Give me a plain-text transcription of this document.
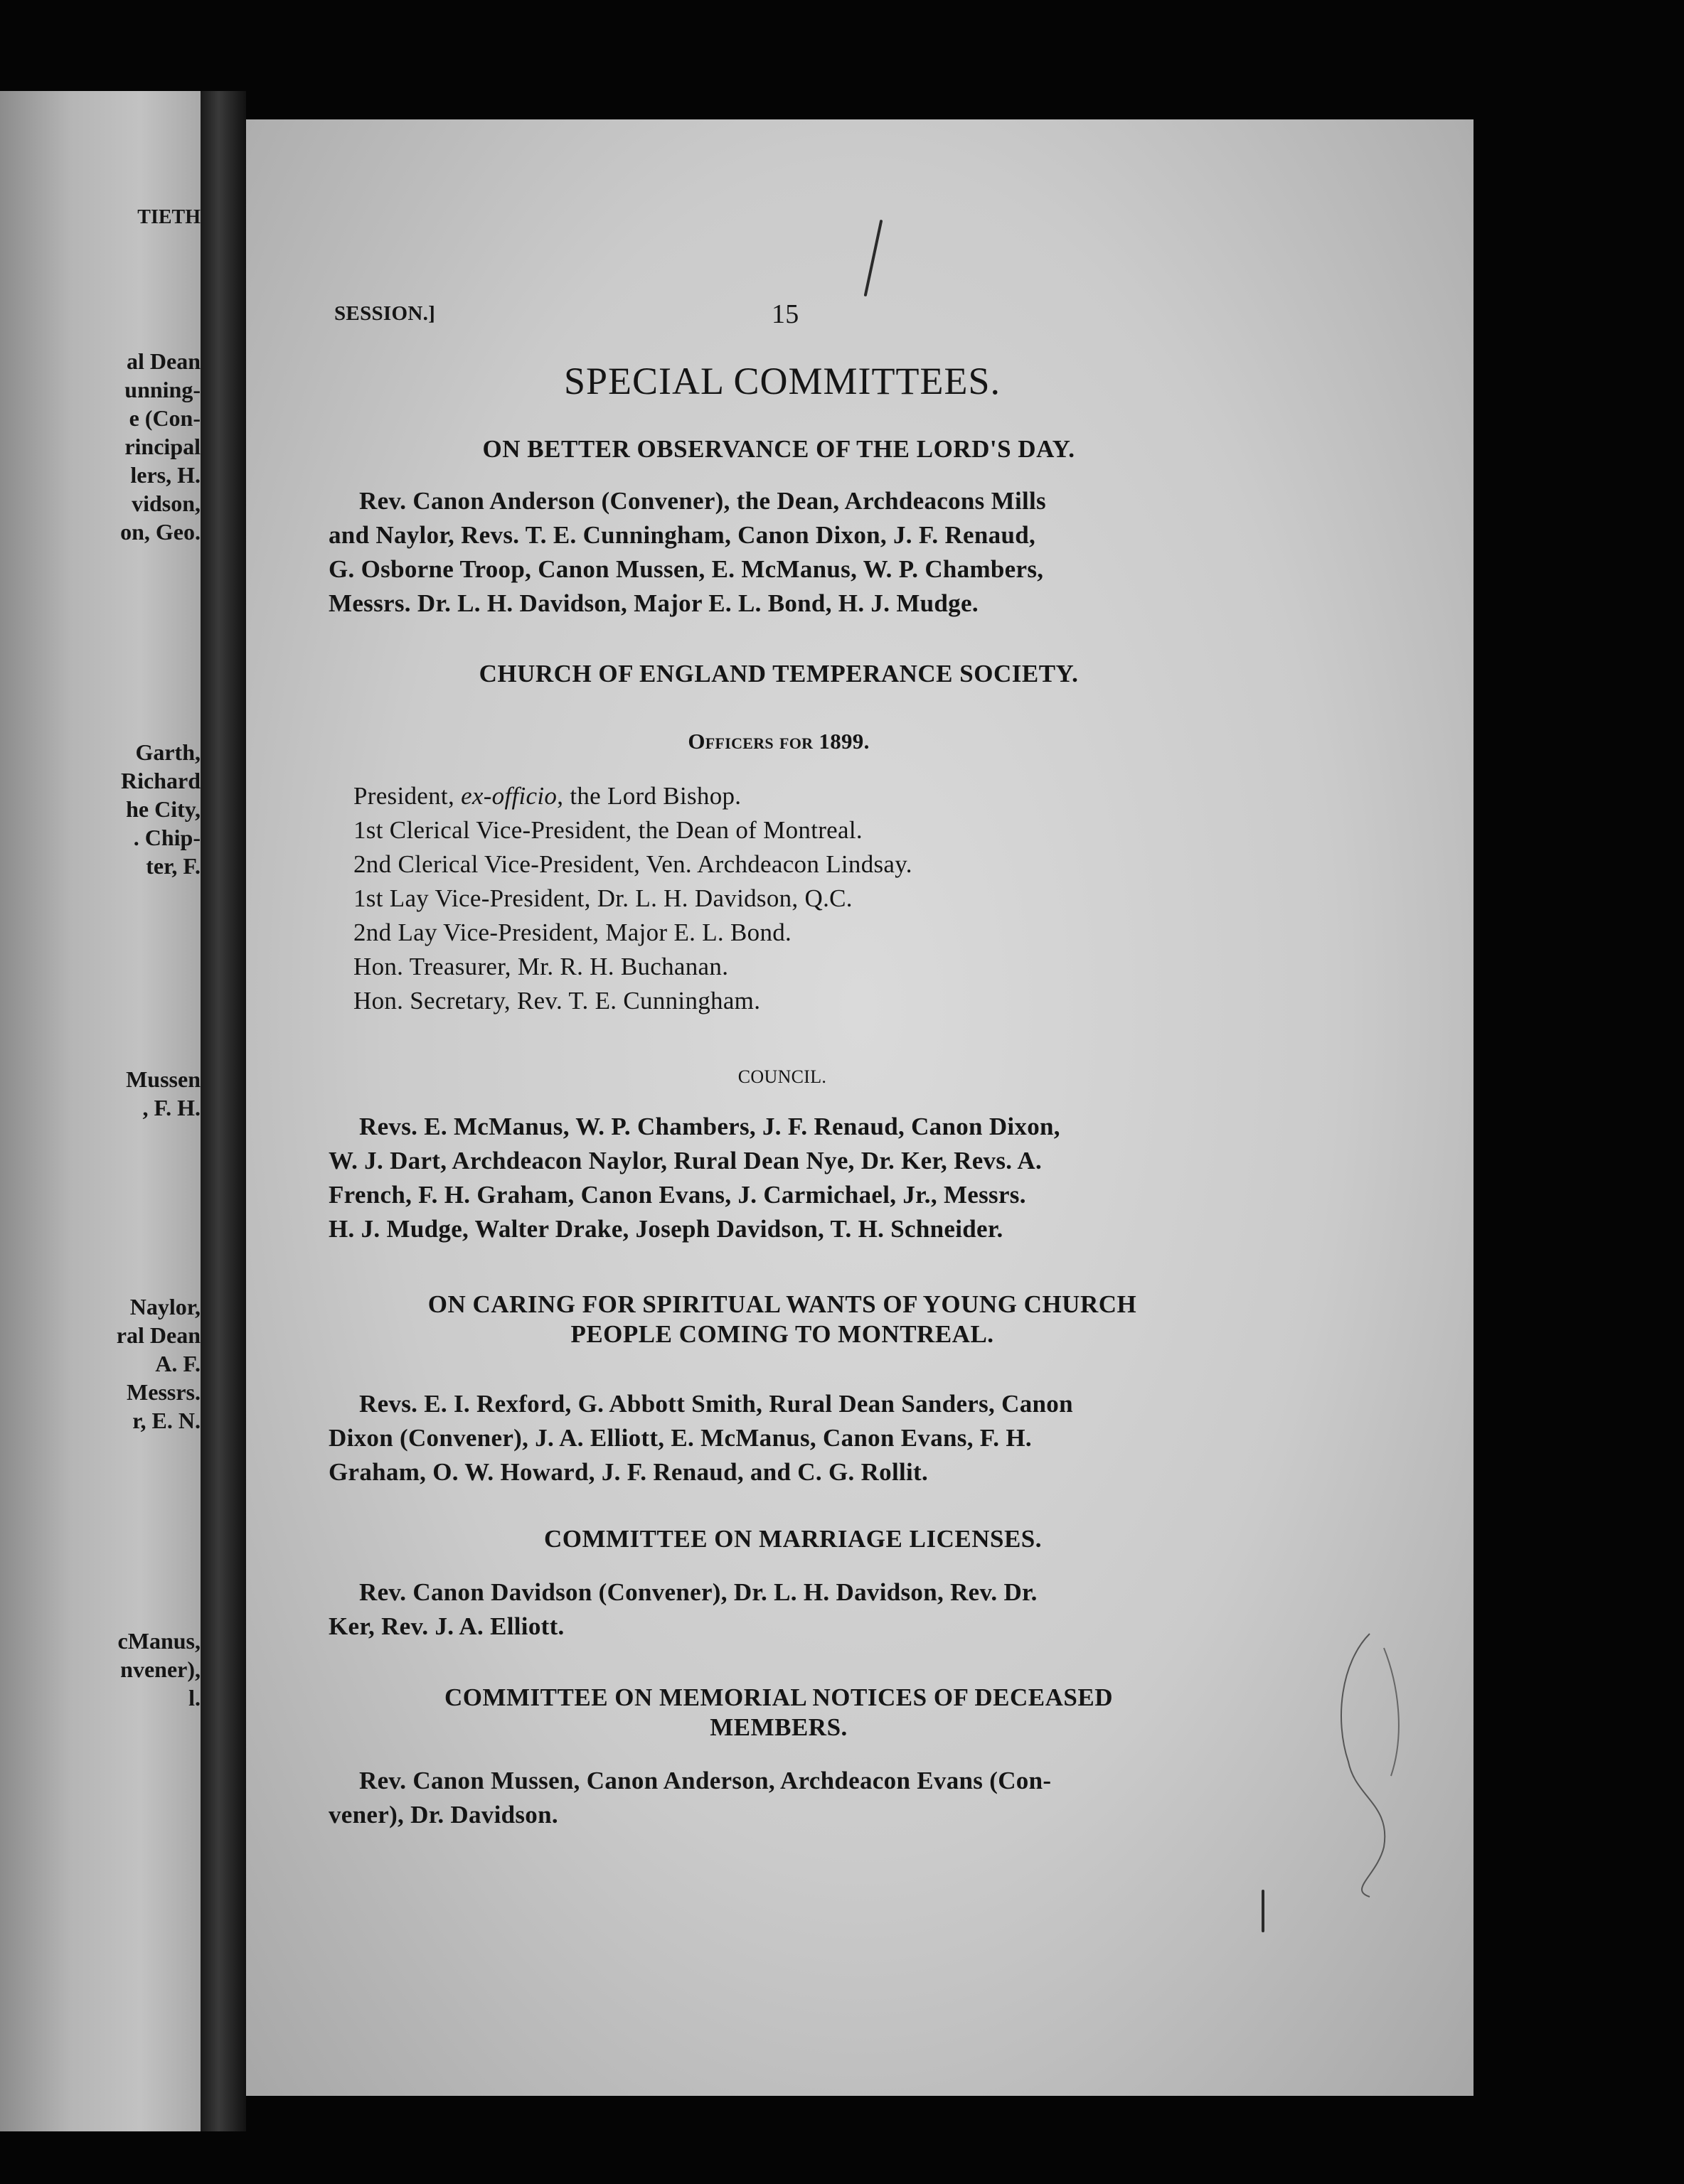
TIETH
al Dean
unning-
e (Con-
rincipal
lers, H.
vidson,
on, Geo.
Garth,
Richard
he City,
. Chip-
ter, F.
Mussen
, F. H.
Naylor,
ral Dean
A. F.
Messrs.
r, E. N.
cManus,
nvener),
l.
SESSION.]	15
SPECIAL COMMITTEES.
ON BETTER OBSERVANCE OF THE LORD'S DAY.
Rev. Canon Anderson (Convener), the Dean, Archdeacons Mills
and Naylor, Revs. T. E. Cunningham, Canon Dixon, J. F. Renaud,
G. Osborne Troop, Canon Mussen, E. McManus, W. P. Chambers,
Messrs. Dr. L. H. Davidson, Major E. L. Bond, H. J. Mudge.
CHURCH OF ENGLAND TEMPERANCE SOCIETY.
Officers for 1899.
President, ex-officio, the Lord Bishop.
1st Clerical Vice-President, the Dean of Montreal.
2nd Clerical Vice-President, Ven. Archdeacon Lindsay.
1st Lay Vice-President, Dr. L. H. Davidson, Q.C.
2nd Lay Vice-President, Major E. L. Bond.
Hon. Treasurer, Mr. R. H. Buchanan.
Hon. Secretary, Rev. T. E. Cunningham.
COUNCIL.
Revs. E. McManus, W. P. Chambers, J. F. Renaud, Canon Dixon,
W. J. Dart, Archdeacon Naylor, Rural Dean Nye, Dr. Ker, Revs. A.
French, F. H. Graham, Canon Evans, J. Carmichael, Jr., Messrs.
H. J. Mudge, Walter Drake, Joseph Davidson, T. H. Schneider.
ON CARING FOR SPIRITUAL WANTS OF YOUNG CHURCH
PEOPLE COMING TO MONTREAL.
Revs. E. I. Rexford, G. Abbott Smith, Rural Dean Sanders, Canon
Dixon (Convener), J. A. Elliott, E. McManus, Canon Evans, F. H.
Graham, O. W. Howard, J. F. Renaud, and C. G. Rollit.
COMMITTEE ON MARRIAGE LICENSES.
Rev. Canon Davidson (Convener), Dr. L. H. Davidson, Rev. Dr.
Ker, Rev. J. A. Elliott.
COMMITTEE ON MEMORIAL NOTICES OF DECEASED
MEMBERS.
Rev. Canon Mussen, Canon Anderson, Archdeacon Evans (Con-
vener), Dr. Davidson.
